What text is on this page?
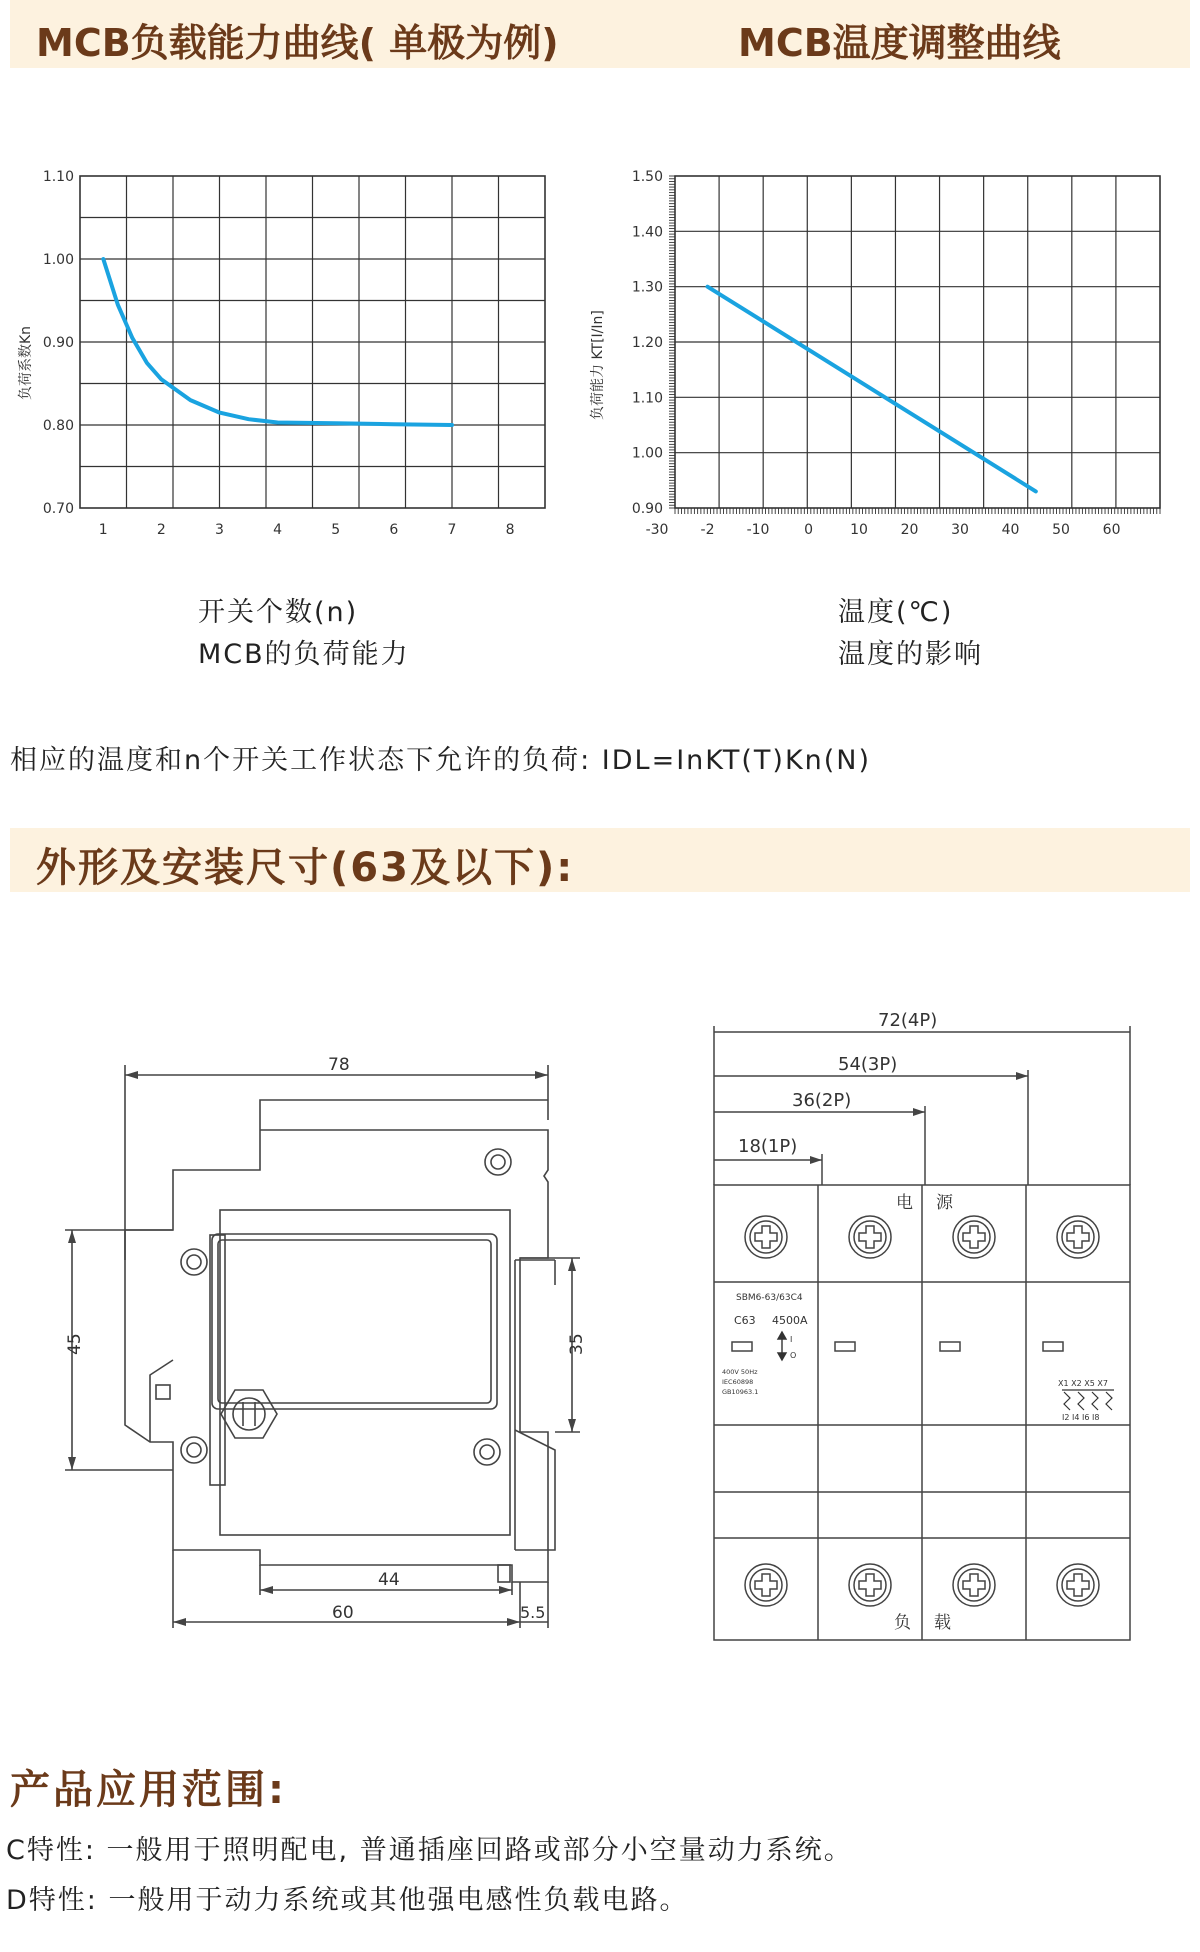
MCB负载能力曲线( 单极为例)	MCB温度调整曲线
1	2	3	4	5	6	7	8
1.10
1.00
0.90
0.80
0.70
负荷系数Kn
-30 -2 -10 0	10 20 30 40 50 60
1.50
1.40
1.30
1.20
1.10
1.00
0.90
负荷能力 KT[I/In]
开关个数(n)
MCB的负荷能力
温度(℃)
温度的影响
相应的温度和n个开关工作状态下允许的负荷: IDL=InKT(T)Kn(N)
外形及安装尺寸(63及以下):
78
45	35
44
60	5.5
72(4P)
54(3P)
36(2P)
18(1P)
电 源
负 载
SBM6-63/63C4
C63 4500A
I
O
400V 50Hz
IEC60898
GB10963.1
X1 X2 X5 X7
I2 I4 I6 I8
产品应用范围:
C特性: 一般用于照明配电, 普通插座回路或部分小空量动力系统。
D特性: 一般用于动力系统或其他强电感性负载电路。
